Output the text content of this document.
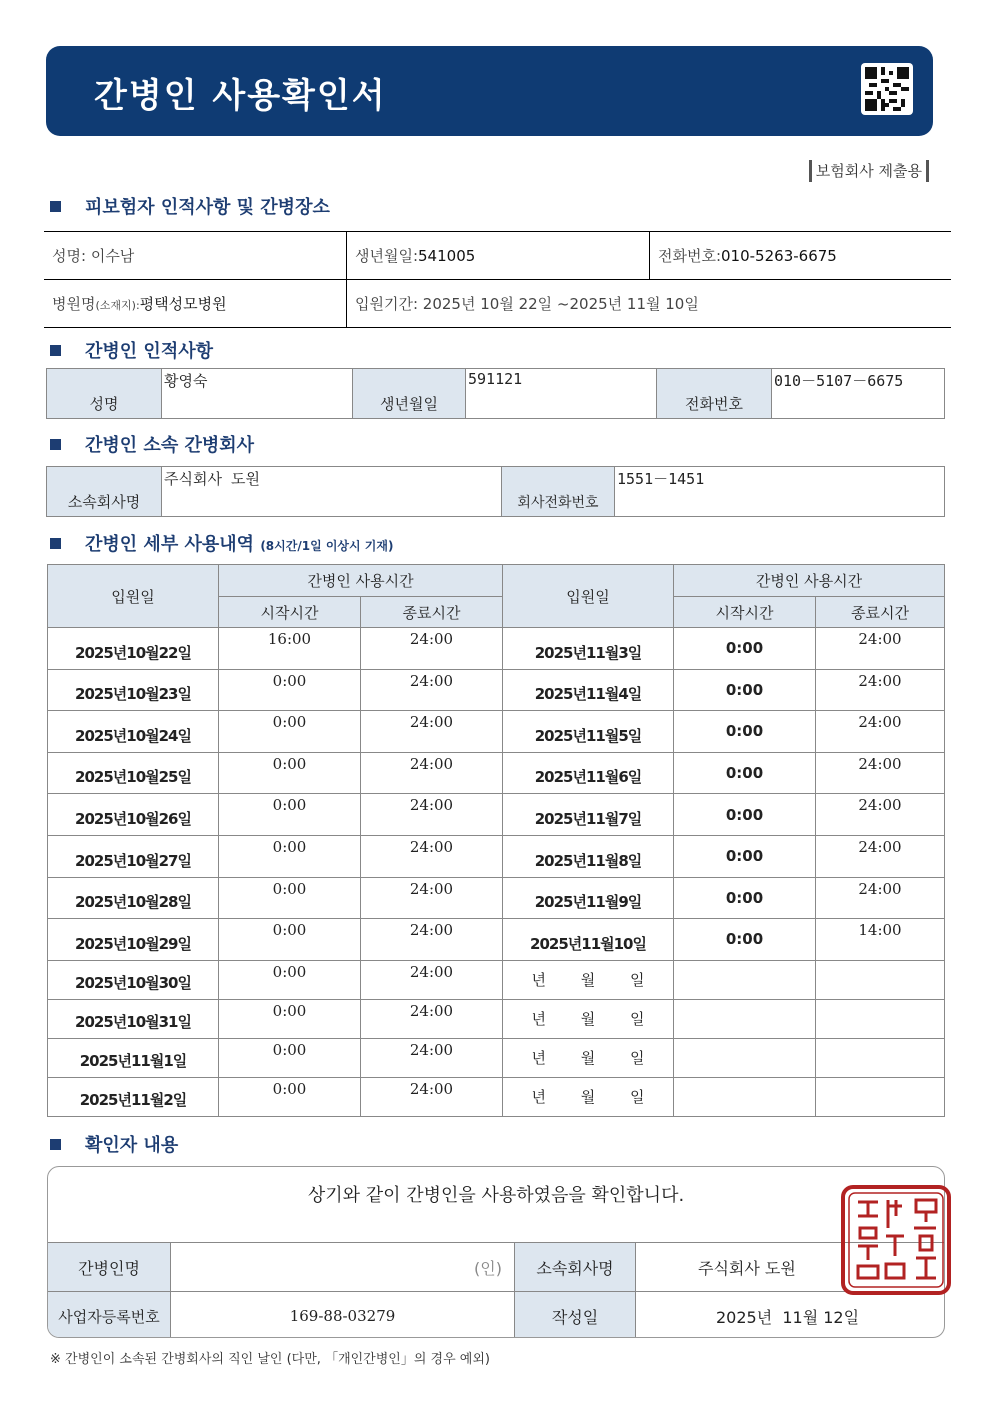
간병인 사용확인서
보험회사 제출용
피보험자 인적사항 및 간병장소
성명: 이수남	생년월일:541005	전화번호:010-5263-6675
병원명(소재지):평택성모병원	입원기간: 2025년 10월 22일 ~2025년 11월 10일	
간병인 인적사항
성명	황영숙	생년월일	591121	전화번호	010－5107－6675
간병인 소속 간병회사
소속회사명	주식회사 도원	회사전화번호	1551－1451
간병인 세부 사용내역 (8시간/1일 이상시 기재)
입원일	간병인 사용시간		입원일	간병인 사용시간	
	시작시간	종료시간		시작시간	종료시간
2025년10월22일	16:00	24:00	2025년11월3일	0:00	24:00
2025년10월23일	0:00	24:00	2025년11월4일	0:00	24:00
2025년10월24일	0:00	24:00	2025년11월5일	0:00	24:00
2025년10월25일	0:00	24:00	2025년11월6일	0:00	24:00
2025년10월26일	0:00	24:00	2025년11월7일	0:00	24:00
2025년10월27일	0:00	24:00	2025년11월8일	0:00	24:00
2025년10월28일	0:00	24:00	2025년11월9일	0:00	24:00
2025년10월29일	0:00	24:00	2025년11월10일	0:00	14:00
2025년10월30일	0:00	24:00	년 월 일		
2025년10월31일	0:00	24:00	년 월 일		
2025년11월1일	0:00	24:00	년 월 일		
2025년11월2일	0:00	24:00	년 월 일		
확인자 내용
상기와 같이 간병인을 사용하였음을 확인합니다.
간병인명	(인)	소속회사명	주식회사 도원
사업자등록번호	169-88-03279	작성일	2025년  11월 12일
※ 간병인이 소속된 간병회사의 직인 날인 (다만, 「개인간병인」의 경우 예외)
